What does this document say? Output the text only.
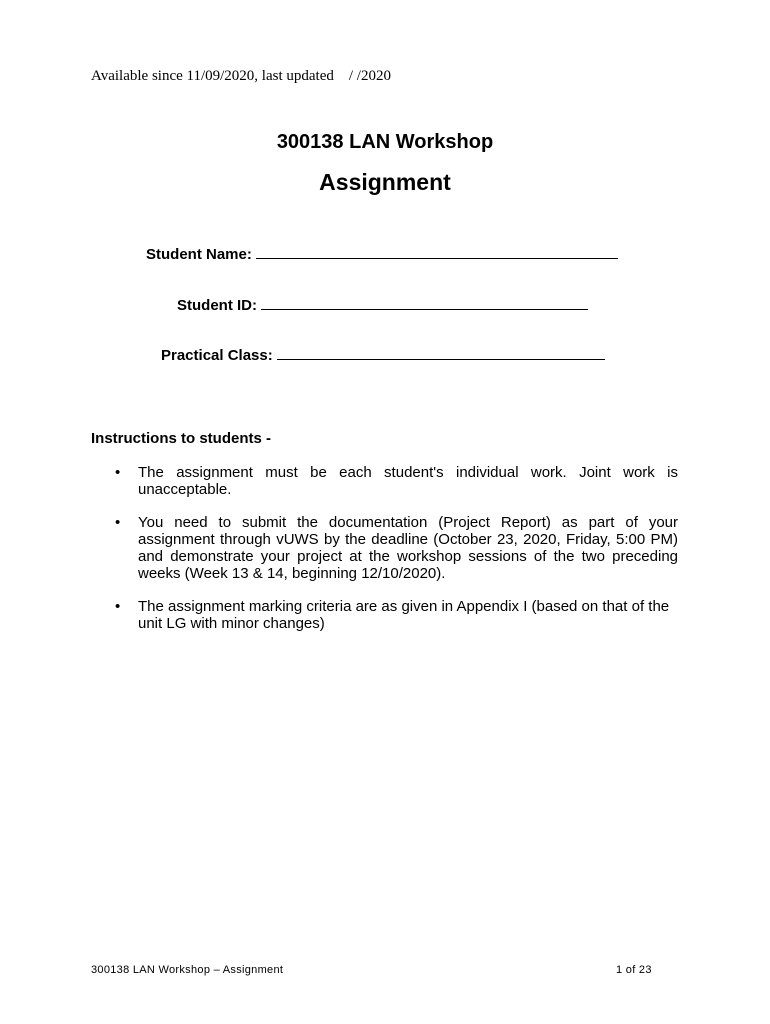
Available since 11/09/2020, last updated    / /2020
300138 LAN Workshop
Assignment
Student Name:
Student ID:
Practical Class:
Instructions to students -
• The assignment must be each student's individual work. Joint work is unacceptable.
• You need to submit the documentation (Project Report) as part of your assignment through vUWS by the deadline (October 23, 2020, Friday, 5:00 PM) and demonstrate your project at the workshop sessions of the two preceding weeks (Week 13 & 14, beginning 12/10/2020).
• The assignment marking criteria are as given in Appendix I (based on that of the unit LG with minor changes)
300138 LAN Workshop – Assignment	1 of 23
